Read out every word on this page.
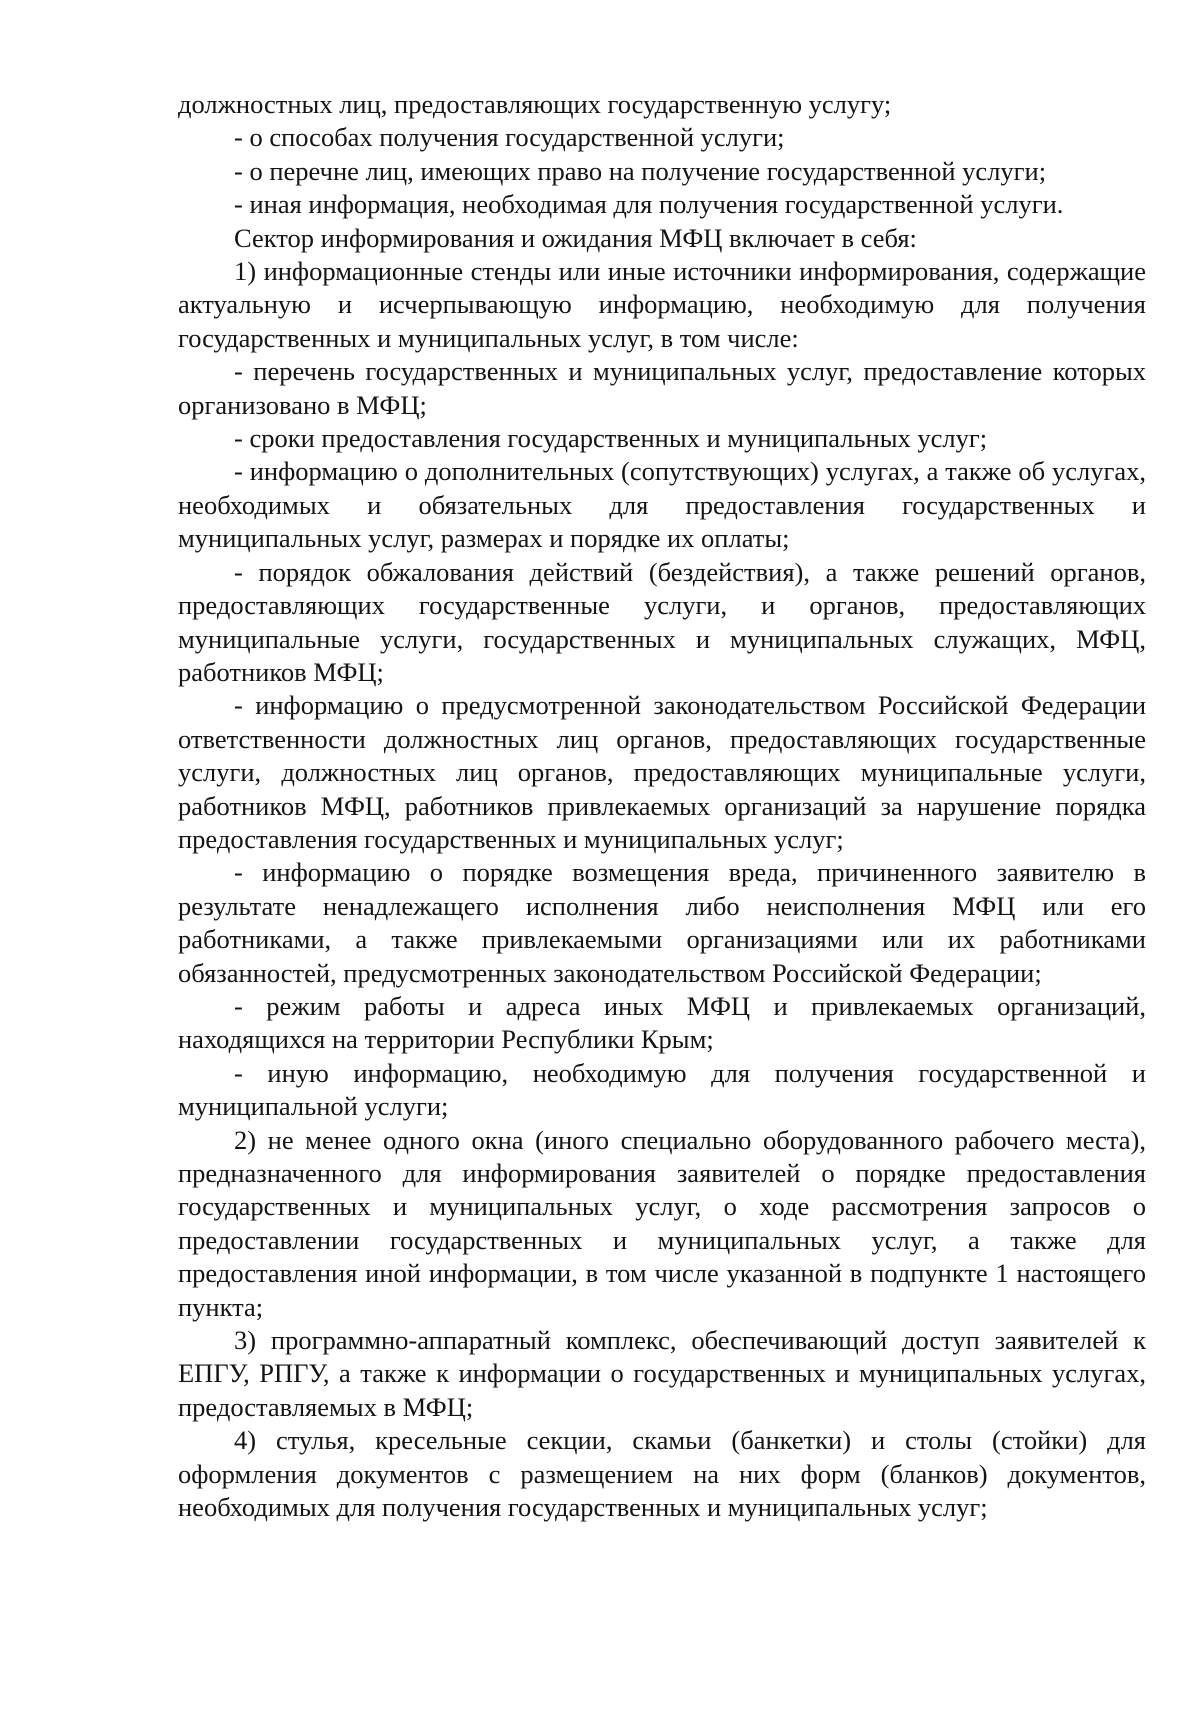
должностных лиц, предоставляющих государственную услугу;

- о способах получения государственной услуги;

- о перечне лиц, имеющих право на получение государственной услуги;

- иная информация, необходимая для получения государственной услуги.

Сектор информирования и ожидания МФЦ включает в себя:

1) информационные стенды или иные источники информирования, содержащие актуальную и исчерпывающую информацию, необходимую для получения государственных и муниципальных услуг, в том числе:

- перечень государственных и муниципальных услуг, предоставление которых организовано в МФЦ;

- сроки предоставления государственных и муниципальных услуг;

- информацию о дополнительных (сопутствующих) услугах, а также об услугах, необходимых и обязательных для предоставления государственных и муниципальных услуг, размерах и порядке их оплаты;

- порядок обжалования действий (бездействия), а также решений органов, предоставляющих государственные услуги, и органов, предоставляющих муниципальные услуги, государственных и муниципальных служащих, МФЦ, работников МФЦ;

- информацию о предусмотренной законодательством Российской Федерации ответственности должностных лиц органов, предоставляющих государственные услуги, должностных лиц органов, предоставляющих муниципальные услуги, работников МФЦ, работников привлекаемых организаций за нарушение порядка предоставления государственных и муниципальных услуг;

- информацию о порядке возмещения вреда, причиненного заявителю в результате ненадлежащего исполнения либо неисполнения МФЦ или его работниками, а также привлекаемыми организациями или их работниками обязанностей, предусмотренных законодательством Российской Федерации;

- режим работы и адреса иных МФЦ и привлекаемых организаций, находящихся на территории Республики Крым;

- иную информацию, необходимую для получения государственной и муниципальной услуги;

2) не менее одного окна (иного специально оборудованного рабочего места), предназначенного для информирования заявителей о порядке предоставления государственных и муниципальных услуг, о ходе рассмотрения запросов о предоставлении государственных и муниципальных услуг, а также для предоставления иной информации, в том числе указанной в подпункте 1 настоящего пункта;

3) программно-аппаратный комплекс, обеспечивающий доступ заявителей к ЕПГУ, РПГУ, а также к информации о государственных и муниципальных услугах, предоставляемых в МФЦ;

4) стулья, кресельные секции, скамьи (банкетки) и столы (стойки) для оформления документов с размещением на них форм (бланков) документов, необходимых для получения государственных и муниципальных услуг;
